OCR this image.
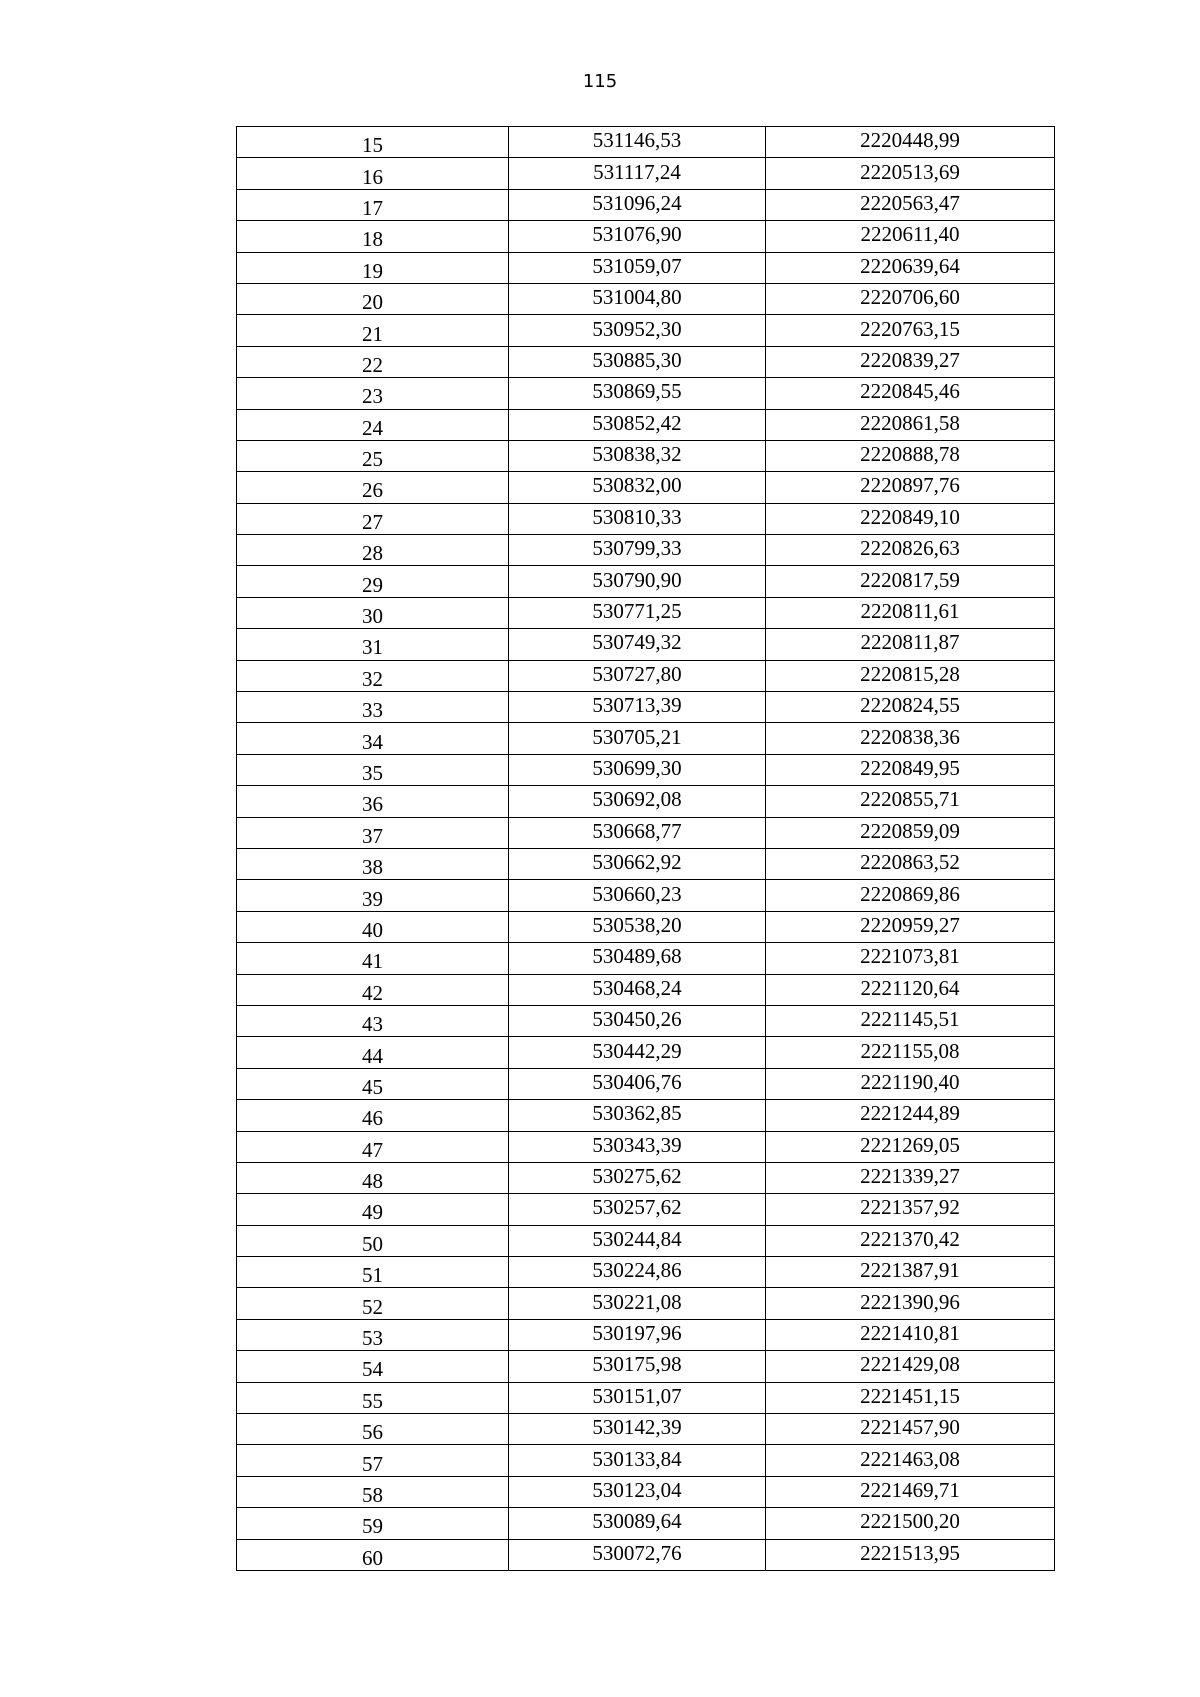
115
15	531146,53	2220448,99
16	531117,24	2220513,69
17	531096,24	2220563,47
18	531076,90	2220611,40
19	531059,07	2220639,64
20	531004,80	2220706,60
21	530952,30	2220763,15
22	530885,30	2220839,27
23	530869,55	2220845,46
24	530852,42	2220861,58
25	530838,32	2220888,78
26	530832,00	2220897,76
27	530810,33	2220849,10
28	530799,33	2220826,63
29	530790,90	2220817,59
30	530771,25	2220811,61
31	530749,32	2220811,87
32	530727,80	2220815,28
33	530713,39	2220824,55
34	530705,21	2220838,36
35	530699,30	2220849,95
36	530692,08	2220855,71
37	530668,77	2220859,09
38	530662,92	2220863,52
39	530660,23	2220869,86
40	530538,20	2220959,27
41	530489,68	2221073,81
42	530468,24	2221120,64
43	530450,26	2221145,51
44	530442,29	2221155,08
45	530406,76	2221190,40
46	530362,85	2221244,89
47	530343,39	2221269,05
48	530275,62	2221339,27
49	530257,62	2221357,92
50	530244,84	2221370,42
51	530224,86	2221387,91
52	530221,08	2221390,96
53	530197,96	2221410,81
54	530175,98	2221429,08
55	530151,07	2221451,15
56	530142,39	2221457,90
57	530133,84	2221463,08
58	530123,04	2221469,71
59	530089,64	2221500,20
60	530072,76	2221513,95
